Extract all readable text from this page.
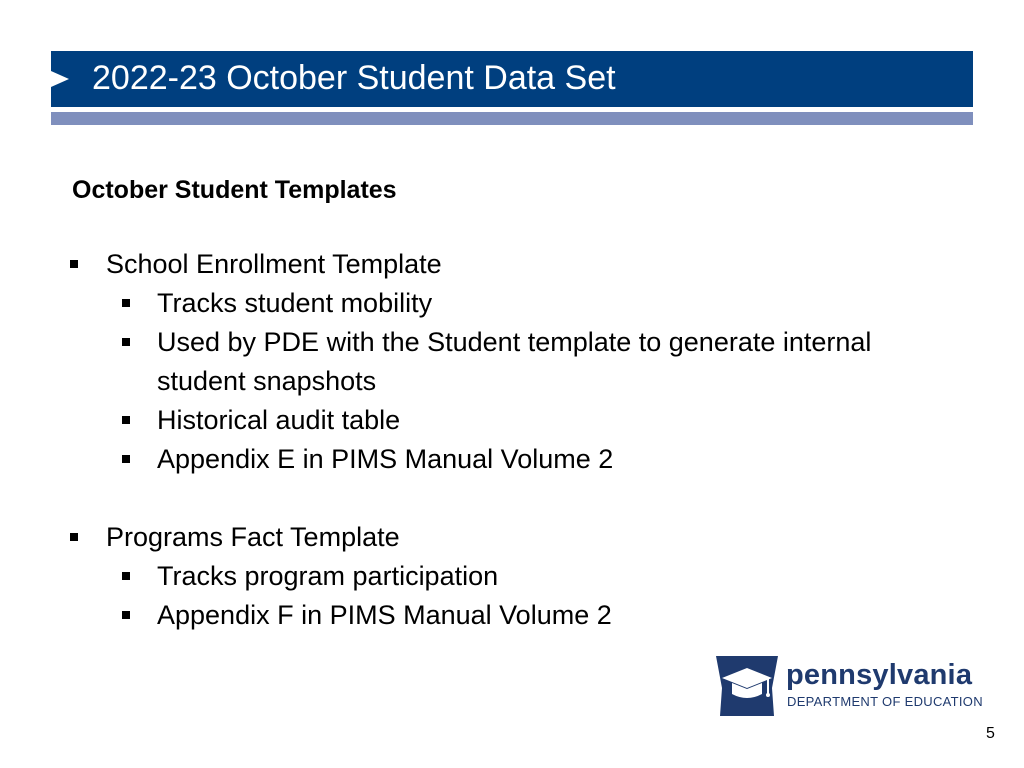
2022-23 October Student Data Set
October Student Templates
School Enrollment Template
Tracks student mobility
Used by PDE with the Student template to generate internal
student snapshots
Historical audit table
Appendix E in PIMS Manual Volume 2
Programs Fact Template
Tracks program participation
Appendix F in PIMS Manual Volume 2
pennsylvania
DEPARTMENT OF EDUCATION
5
